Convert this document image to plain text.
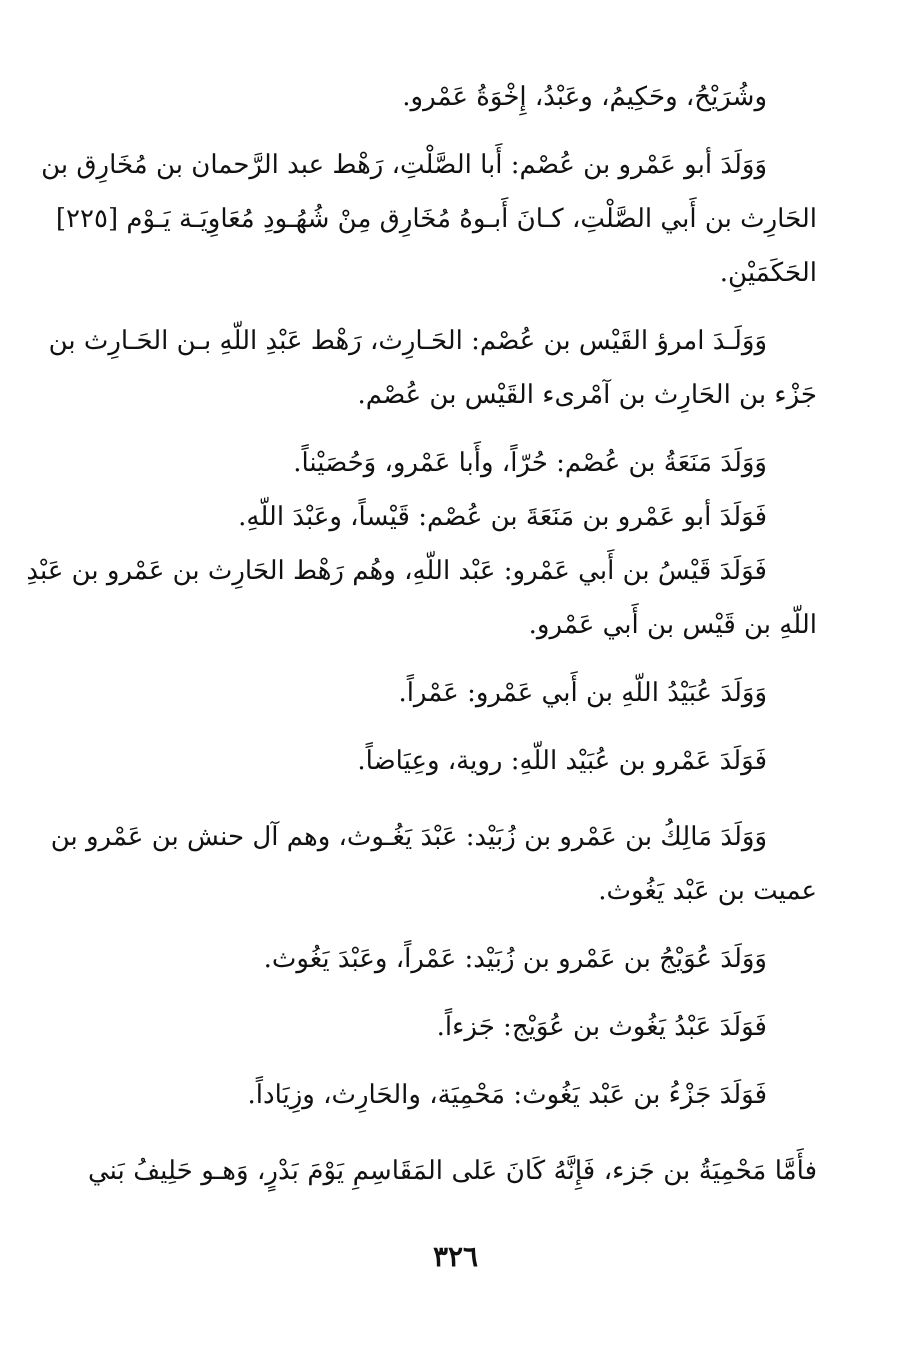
وشُرَيْحُ، وحَكِيمُ، وعَبْدُ، إِخْوَةُ عَمْرو.

وَوَلَدَ أبو عَمْرو بن عُصْم: أَبا الصَّلْتِ، رَهْط عبد الرَّحمان بن مُخَارِق بن

الحَارِث بن أَبي الصَّلْتِ، كـانَ أَبـوهُ مُخَارِق مِنْ شُهُـودِ مُعَاوِيَـة يَـوْم [٢٢٥]

الحَكَمَيْنِ.

وَوَلَـدَ امرؤ القَيْس بن عُصْم: الحَـارِث، رَهْط عَبْدِ اللّهِ بـن الحَـارِث بن

جَزْء بن الحَارِث بن آمْرىء القَيْس بن عُصْم.

وَوَلَدَ مَنَعَةُ بن عُصْم: حُرّاً، وأَبا عَمْرو، وَحُصَيْناً.

فَوَلَدَ أبو عَمْرو بن مَنَعَةَ بن عُصْم: قَيْساً، وعَبْدَ اللّهِ.

فَوَلَدَ قَيْسُ بن أَبي عَمْرو: عَبْد اللّهِ، وهُم رَهْط الحَارِث بن عَمْرو بن عَبْدِ

اللّهِ بن قَيْس بن أَبي عَمْرو.

وَوَلَدَ عُبَيْدُ اللّهِ بن أَبي عَمْرو: عَمْراً.

فَوَلَدَ عَمْرو بن عُبَيْد اللّهِ: روية، وعِيَاضاً.

وَوَلَدَ مَالِكُ بن عَمْرو بن زُبَيْد: عَبْدَ يَغُـوث، وهم آل حنش بن عَمْرو بن

عميت بن عَبْد يَغُوث.

وَوَلَدَ عُوَيْجُ بن عَمْرو بن زُبَيْد: عَمْراً، وعَبْدَ يَغُوث.

فَوَلَدَ عَبْدُ يَغُوث بن عُوَيْج: جَزءاً.

فَوَلَدَ جَزْءُ بن عَبْد يَغُوث: مَحْمِيَة، والحَارِث، وزِيَاداً.

فأَمَّا مَحْمِيَةُ بن جَزء، فَإِنَّهُ كَانَ عَلى المَقَاسِمِ يَوْمَ بَدْرٍ، وَهـو حَلِيفُ بَني

٣٢٦
